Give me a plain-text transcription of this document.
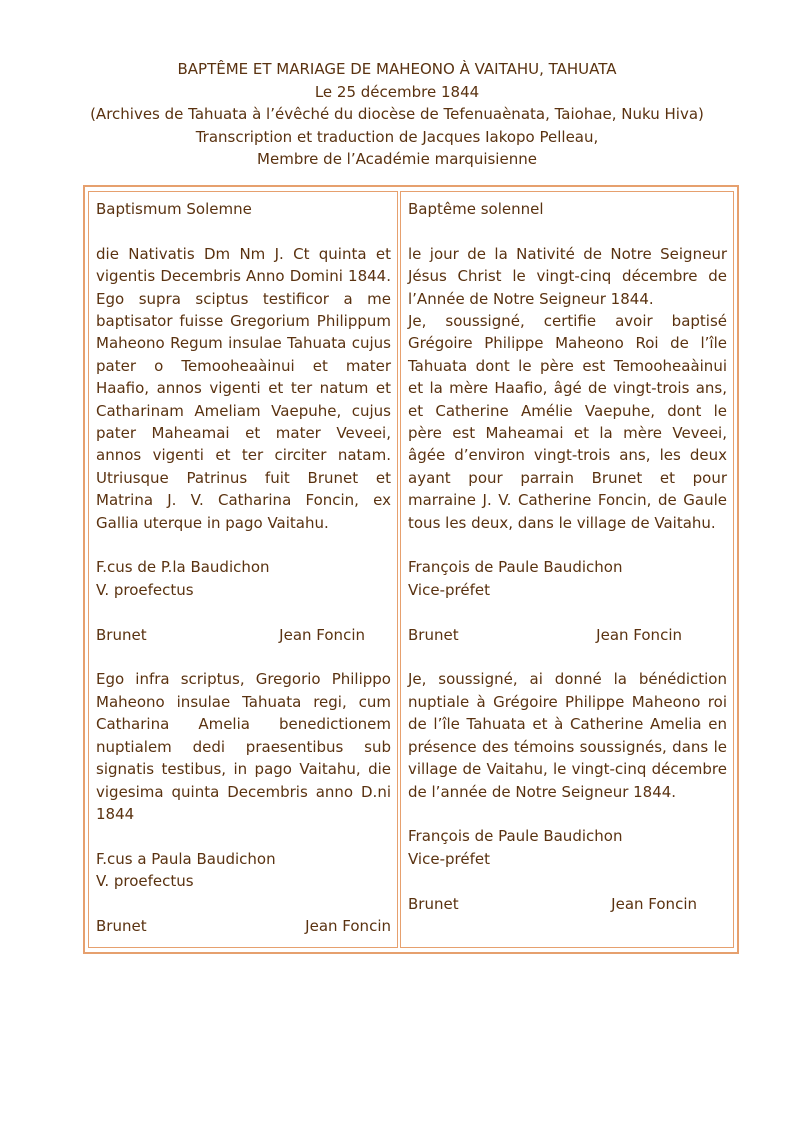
BAPTÊME ET MARIAGE DE MAHEONO À VAITAHU, TAHUATA
Le 25 décembre 1844
(Archives de Tahuata à l’évêché du diocèse de Tefenuaènata, Taiohae, Nuku Hiva)
Transcription et traduction de Jacques Iakopo Pelleau,
Membre de l’Académie marquisienne

Baptismum Solemne

die Nativatis Dm Nm J. Ct quinta et vigentis Decembris Anno Domini 1844. Ego supra sciptus testificor a me baptisator fuisse Gregorium Philippum Maheono Regum insulae Tahuata cujus pater o Temooheaàinui et mater Haafio, annos vigenti et ter natum et Catharinam Ameliam Vaepuhe, cujus pater Maheamai et mater Veveei, annos vigenti et ter circiter natam. Utriusque Patrinus fuit Brunet et Matrina J. V. Catharina Foncin, ex Gallia uterque in pago Vaitahu.

F.cus de P.la Baudichon

V. proefectus

Brunet	Jean Foncin

Ego infra scriptus, Gregorio Philippo Maheono insulae Tahuata regi, cum Catharina Amelia benedictionem nuptialem dedi praesentibus sub signatis testibus, in pago Vaitahu, die vigesima quinta Decembris anno D.ni 1844

F.cus a Paula Baudichon

V. proefectus

Brunet	Jean Foncin

Baptême solennel

le jour de la Nativité de Notre Seigneur Jésus Christ le vingt-cinq décembre de l’Année de Notre Seigneur 1844.

Je, soussigné, certifie avoir baptisé Grégoire Philippe Maheono Roi de l’île Tahuata dont le père est Temooheaàinui et la mère Haafio, âgé de vingt-trois ans, et Catherine Amélie Vaepuhe, dont le père est Maheamai et la mère Veveei, âgée d’environ vingt-trois ans, les deux ayant pour parrain Brunet et pour marraine J. V. Catherine Foncin, de Gaule tous les deux, dans le village de Vaitahu.

François de Paule Baudichon

Vice-préfet

Brunet	Jean Foncin

Je, soussigné, ai donné la bénédiction nuptiale à Grégoire Philippe Maheono roi de l’île Tahuata et à Catherine Amelia en présence des témoins soussignés, dans le village de Vaitahu, le vingt-cinq décembre de l’année de Notre Seigneur 1844.

François de Paule Baudichon

Vice-préfet

Brunet	Jean Foncin
